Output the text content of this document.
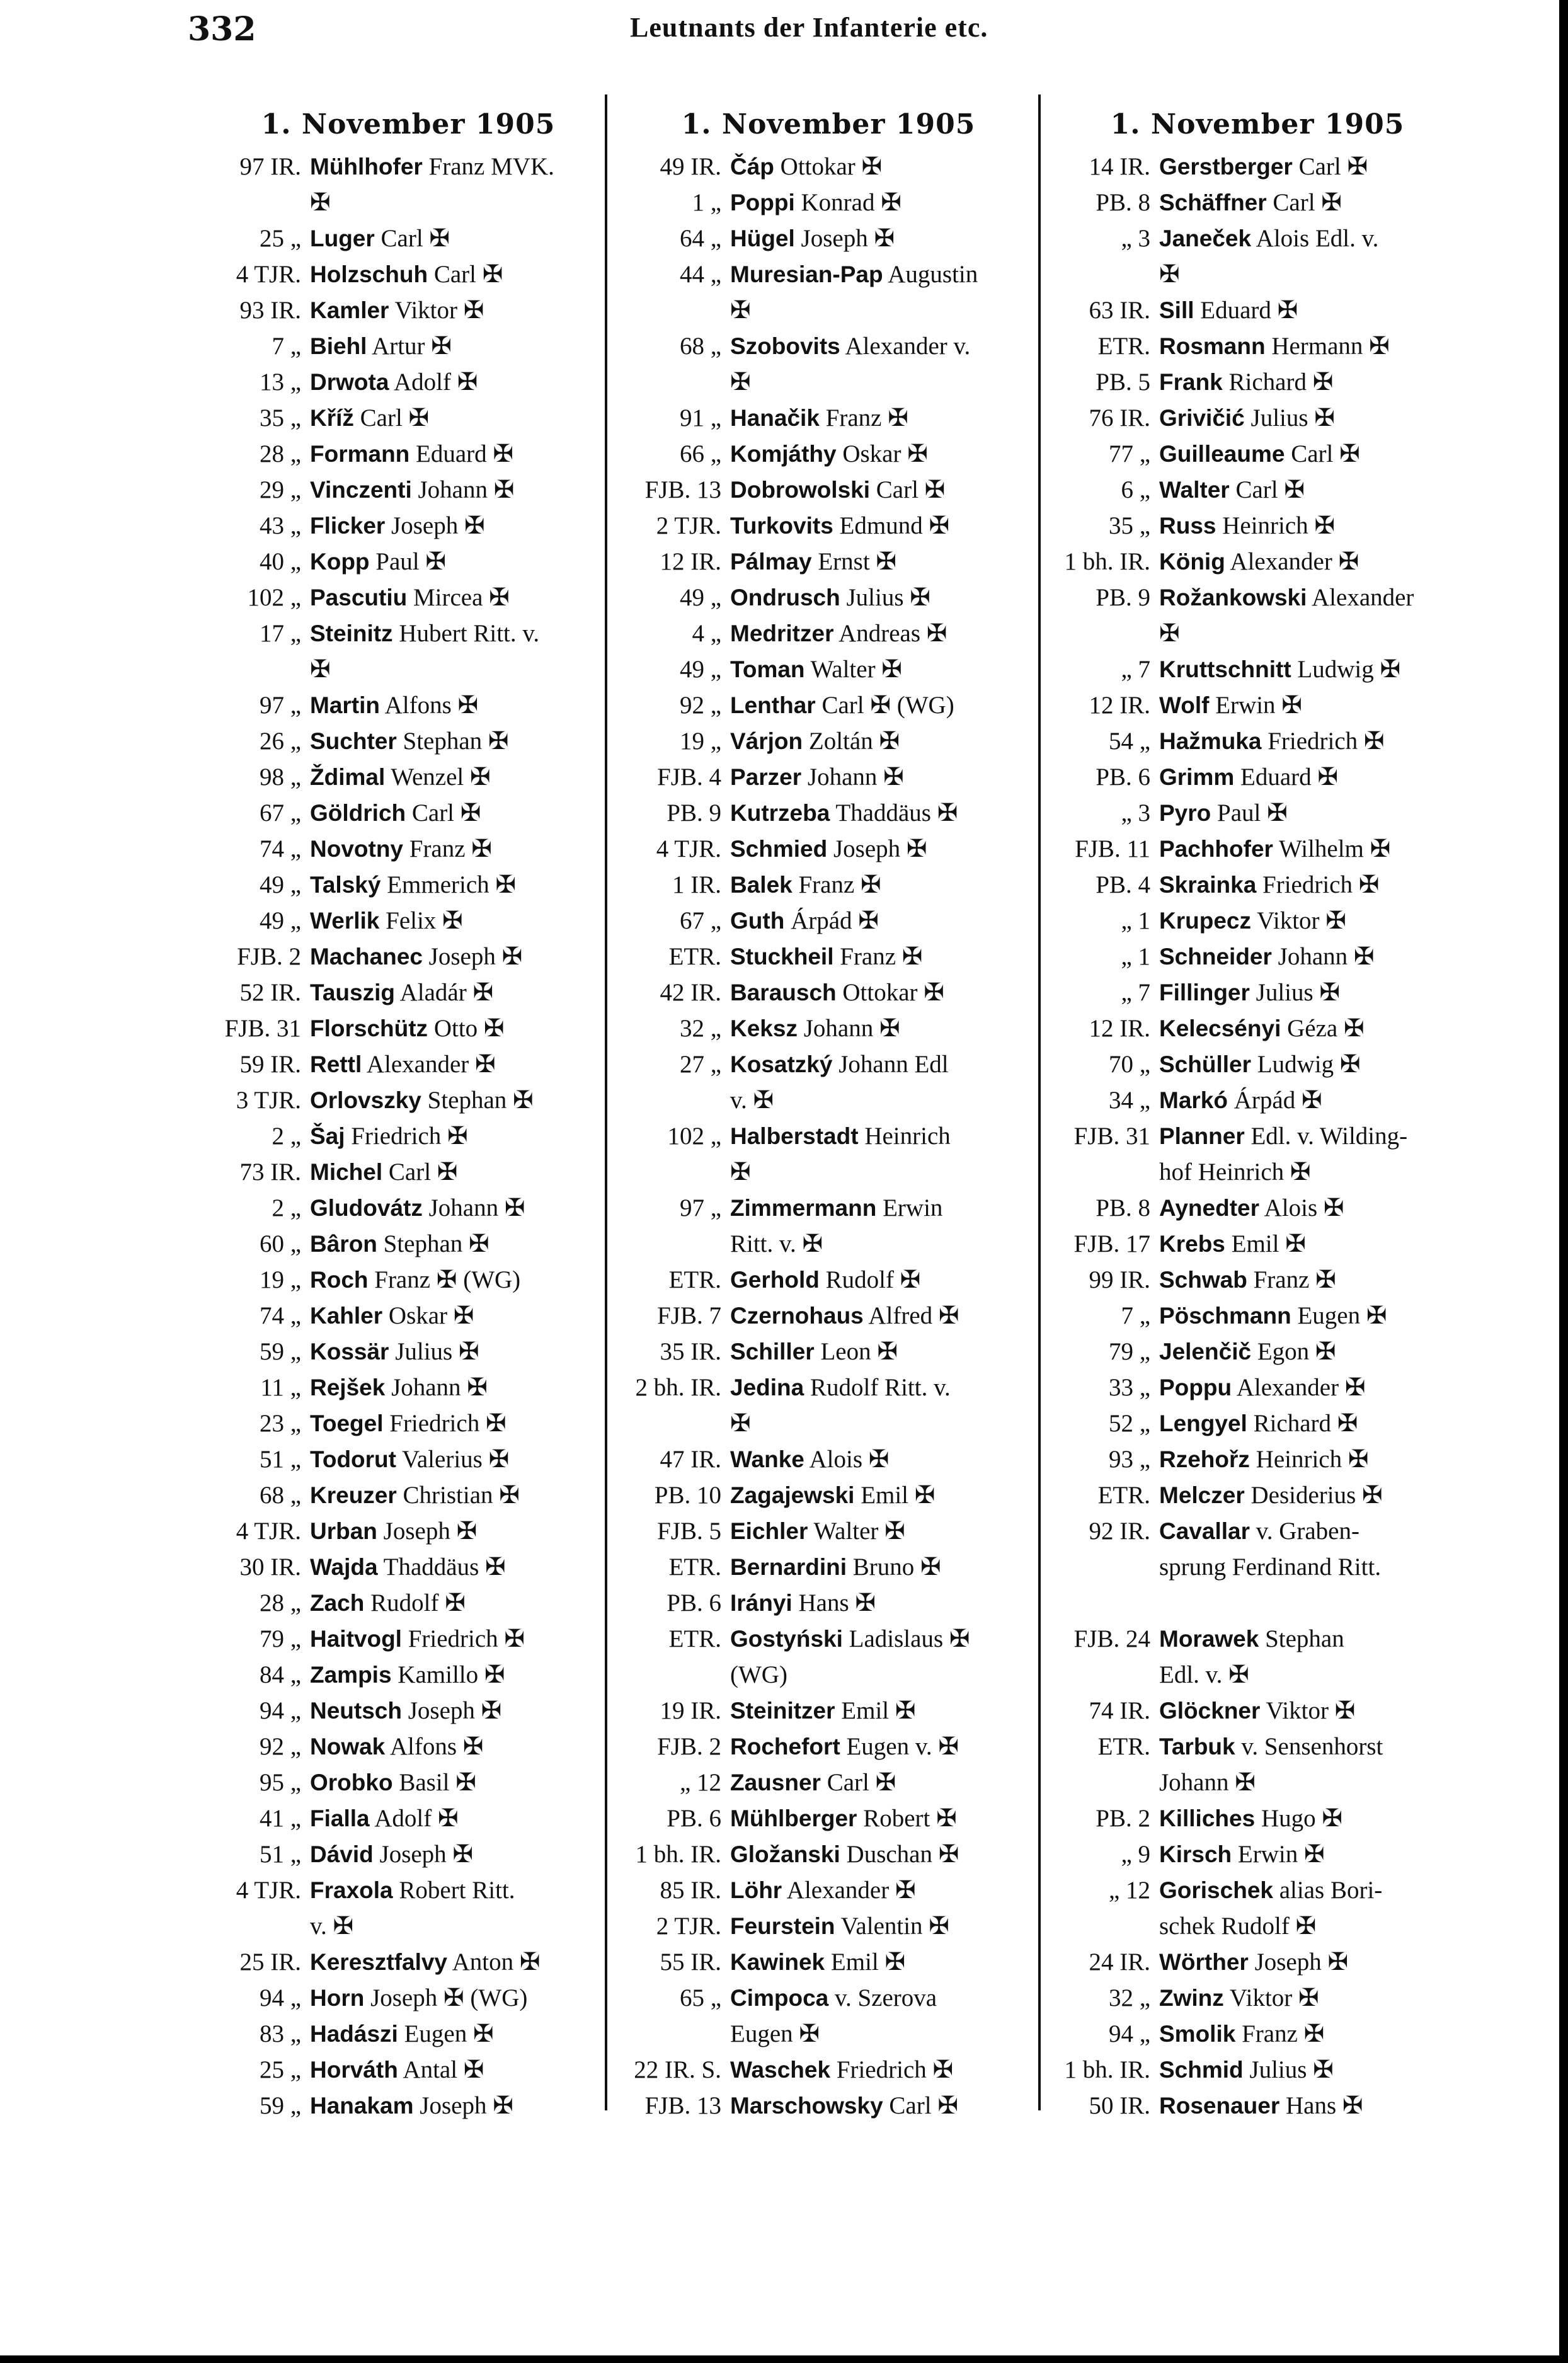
332	Leutnants der Infanterie etc.
1. November 1905
97 IR. Mühlhofer Franz MVK.
✠
25 „ Luger Carl ✠
4 TJR. Holzschuh Carl ✠
93 IR. Kamler Viktor ✠
7 „ Biehl Artur ✠
13 „ Drwota Adolf ✠
35 „ Kříž Carl ✠
28 „ Formann Eduard ✠
29 „ Vinczenti Johann ✠
43 „ Flicker Joseph ✠
40 „ Kopp Paul ✠
102 „ Pascutiu Mircea ✠
17 „ Steinitz Hubert Ritt. v.
✠
97 „ Martin Alfons ✠
26 „ Suchter Stephan ✠
98 „ Ždimal Wenzel ✠
67 „ Göldrich Carl ✠
74 „ Novotny Franz ✠
49 „ Talský Emmerich ✠
49 „ Werlik Felix ✠
FJB. 2 Machanec Joseph ✠
52 IR. Tauszig Aladár ✠
FJB. 31 Florschütz Otto ✠
59 IR. Rettl Alexander ✠
3 TJR. Orlovszky Stephan ✠
2 „ Šaj Friedrich ✠
73 IR. Michel Carl ✠
2 „ Gludovátz Johann ✠
60 „ Bâron Stephan ✠
19 „ Roch Franz ✠ (WG)
74 „ Kahler Oskar ✠
59 „ Kossär Julius ✠
11 „ Rejšek Johann ✠
23 „ Toegel Friedrich ✠
51 „ Todorut Valerius ✠
68 „ Kreuzer Christian ✠
4 TJR. Urban Joseph ✠
30 IR. Wajda Thaddäus ✠
28 „ Zach Rudolf ✠
79 „ Haitvogl Friedrich ✠
84 „ Zampis Kamillo ✠
94 „ Neutsch Joseph ✠
92 „ Nowak Alfons ✠
95 „ Orobko Basil ✠
41 „ Fialla Adolf ✠
51 „ Dávid Joseph ✠
4 TJR. Fraxola Robert Ritt.
v. ✠
25 IR. Keresztfalvy Anton ✠
94 „ Horn Joseph ✠ (WG)
83 „ Hadászi Eugen ✠
25 „ Horváth Antal ✠
59 „ Hanakam Joseph ✠
1. November 1905
49 IR. Čáp Ottokar ✠
1 „ Poppi Konrad ✠
64 „ Hügel Joseph ✠
44 „ Muresian-Pap Augustin
✠
68 „ Szobovits Alexander v.
✠
91 „ Hanačik Franz ✠
66 „ Komjáthy Oskar ✠
FJB. 13 Dobrowolski Carl ✠
2 TJR. Turkovits Edmund ✠
12 IR. Pálmay Ernst ✠
49 „ Ondrusch Julius ✠
4 „ Medritzer Andreas ✠
49 „ Toman Walter ✠
92 „ Lenthar Carl ✠ (WG)
19 „ Várjon Zoltán ✠
FJB. 4 Parzer Johann ✠
PB. 9 Kutrzeba Thaddäus ✠
4 TJR. Schmied Joseph ✠
1 IR. Balek Franz ✠
67 „ Guth Árpád ✠
ETR. Stuckheil Franz ✠
42 IR. Barausch Ottokar ✠
32 „ Keksz Johann ✠
27 „ Kosatzký Johann Edl
v. ✠
102 „ Halberstadt Heinrich
✠
97 „ Zimmermann Erwin
Ritt. v. ✠
ETR. Gerhold Rudolf ✠
FJB. 7 Czernohaus Alfred ✠
35 IR. Schiller Leon ✠
2 bh. IR. Jedina Rudolf Ritt. v.
✠
47 IR. Wanke Alois ✠
PB. 10 Zagajewski Emil ✠
FJB. 5 Eichler Walter ✠
ETR. Bernardini Bruno ✠
PB. 6 Irányi Hans ✠
ETR. Gostyński Ladislaus ✠
(WG)
19 IR. Steinitzer Emil ✠
FJB. 2 Rochefort Eugen v. ✠
„ 12 Zausner Carl ✠
PB. 6 Mühlberger Robert ✠
1 bh. IR. Gložanski Duschan ✠
85 IR. Löhr Alexander ✠
2 TJR. Feurstein Valentin ✠
55 IR. Kawinek Emil ✠
65 „ Cimpoca v. Szerova
Eugen ✠
22 IR. S. Waschek Friedrich ✠
FJB. 13 Marschowsky Carl ✠
1. November 1905
14 IR. Gerstberger Carl ✠
PB. 8 Schäffner Carl ✠
„ 3 Janeček Alois Edl. v.
✠
63 IR. Sill Eduard ✠
ETR. Rosmann Hermann ✠
PB. 5 Frank Richard ✠
76 IR. Grivičić Julius ✠
77 „ Guilleaume Carl ✠
6 „ Walter Carl ✠
35 „ Russ Heinrich ✠
1 bh. IR. König Alexander ✠
PB. 9 Rožankowski Alexander
✠
„ 7 Kruttschnitt Ludwig ✠
12 IR. Wolf Erwin ✠
54 „ Hažmuka Friedrich ✠
PB. 6 Grimm Eduard ✠
„ 3 Pyro Paul ✠
FJB. 11 Pachhofer Wilhelm ✠
PB. 4 Skrainka Friedrich ✠
„ 1 Krupecz Viktor ✠
„ 1 Schneider Johann ✠
„ 7 Fillinger Julius ✠
12 IR. Kelecsényi Géza ✠
70 „ Schüller Ludwig ✠
34 „ Markó Árpád ✠
FJB. 31 Planner Edl. v. Wilding-
hof Heinrich ✠
PB. 8 Aynedter Alois ✠
FJB. 17 Krebs Emil ✠
99 IR. Schwab Franz ✠
7 „ Pöschmann Eugen ✠
79 „ Jelenčič Egon ✠
33 „ Poppu Alexander ✠
52 „ Lengyel Richard ✠
93 „ Rzehořz Heinrich ✠
ETR. Melczer Desiderius ✠
92 IR. Cavallar v. Graben-
sprung Ferdinand Ritt.
FJB. 24 Morawek Stephan
Edl. v. ✠
74 IR. Glöckner Viktor ✠
ETR. Tarbuk v. Sensenhorst
Johann ✠
PB. 2 Killiches Hugo ✠
„ 9 Kirsch Erwin ✠
„ 12 Gorischek alias Bori-
schek Rudolf ✠
24 IR. Wörther Joseph ✠
32 „ Zwinz Viktor ✠
94 „ Smolik Franz ✠
1 bh. IR. Schmid Julius ✠
50 IR. Rosenauer Hans ✠
